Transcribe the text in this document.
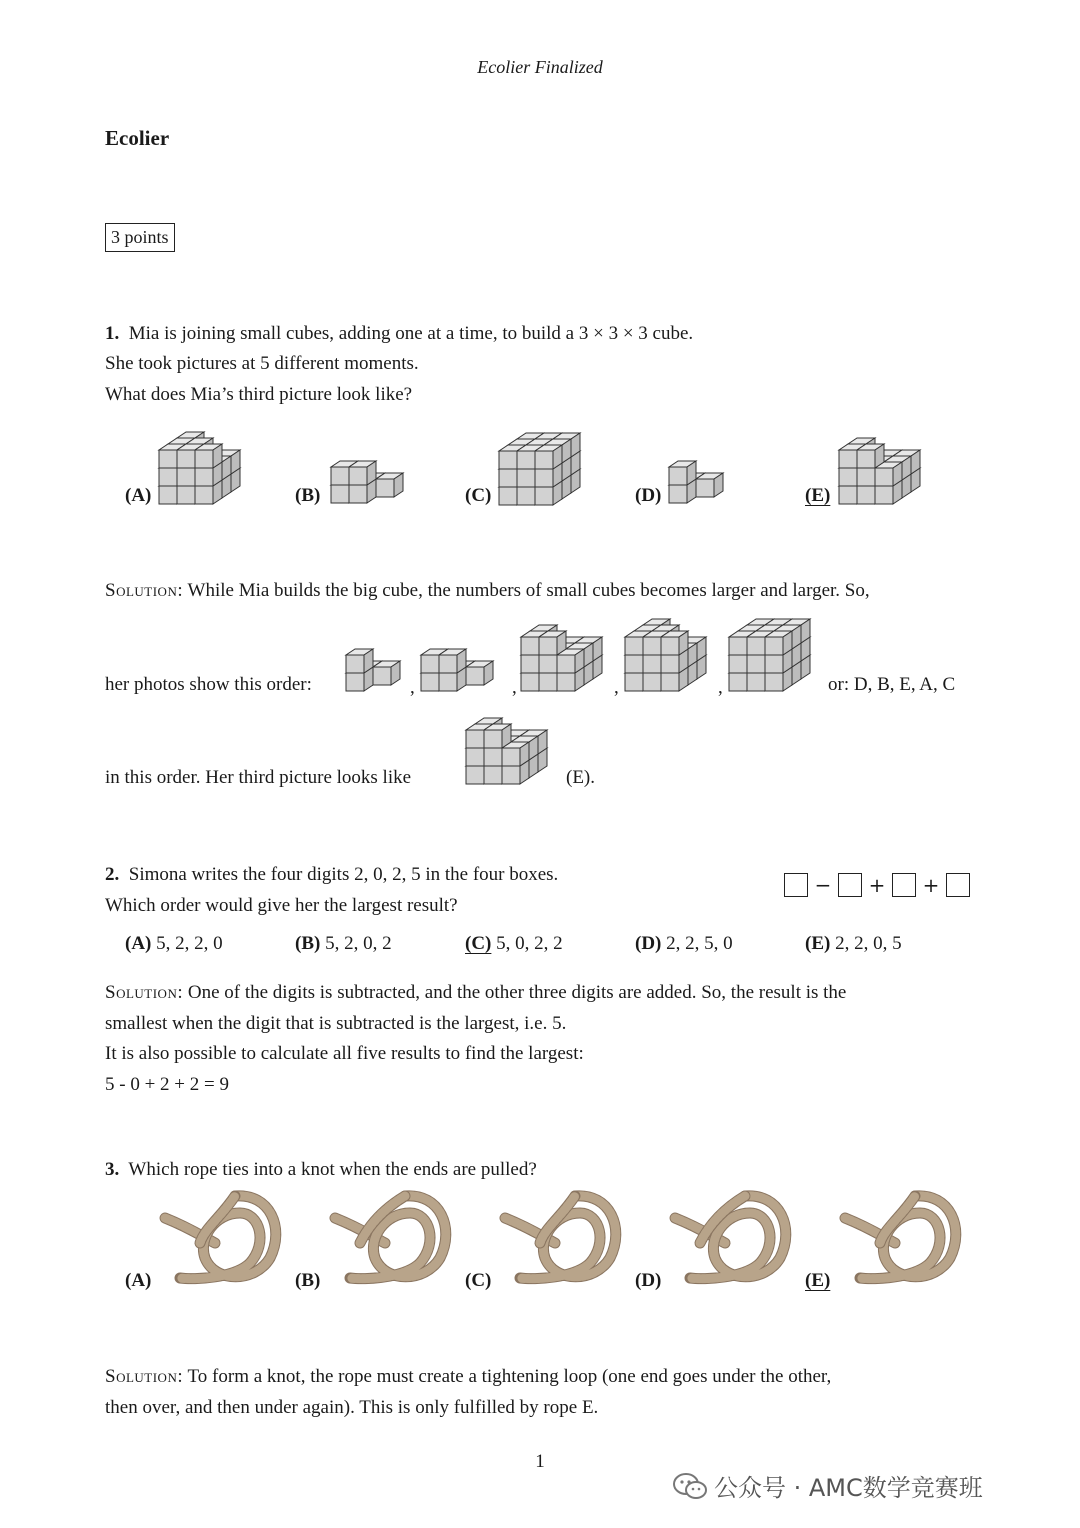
Ecolier Finalized
Ecolier
3 points
1. Mia is joining small cubes, adding one at a time, to build a 3 × 3 × 3 cube.
She took pictures at 5 different moments.
What does Mia’s third picture look like?
(A)	(B)	(C)	(D)	(E)
Solution: While Mia builds the big cube, the numbers of small cubes becomes larger and larger. So,
her photos show this order:	,	,	,	,	or: D, B, E, A, C
in this order. Her third picture looks like	(E).
2. Simona writes the four digits 2, 0, 2, 5 in the four boxes.
Which order would give her the largest result?
− + +
(A) 5, 2, 2, 0	(B) 5, 2, 0, 2	(C) 5, 0, 2, 2	(D) 2, 2, 5, 0	(E) 2, 2, 0, 5
Solution: One of the digits is subtracted, and the other three digits are added. So, the result is the
smallest when the digit that is subtracted is the largest, i.e. 5.
It is also possible to calculate all five results to find the largest:
5 - 0 + 2 + 2 = 9
3. Which rope ties into a knot when the ends are pulled?
(A)	(B)	(C)	(D)	(E)
Solution: To form a knot, the rope must create a tightening loop (one end goes under the other,
then over, and then under again). This is only fulfilled by rope E.
1
公众号 · AMC数学竞赛班
